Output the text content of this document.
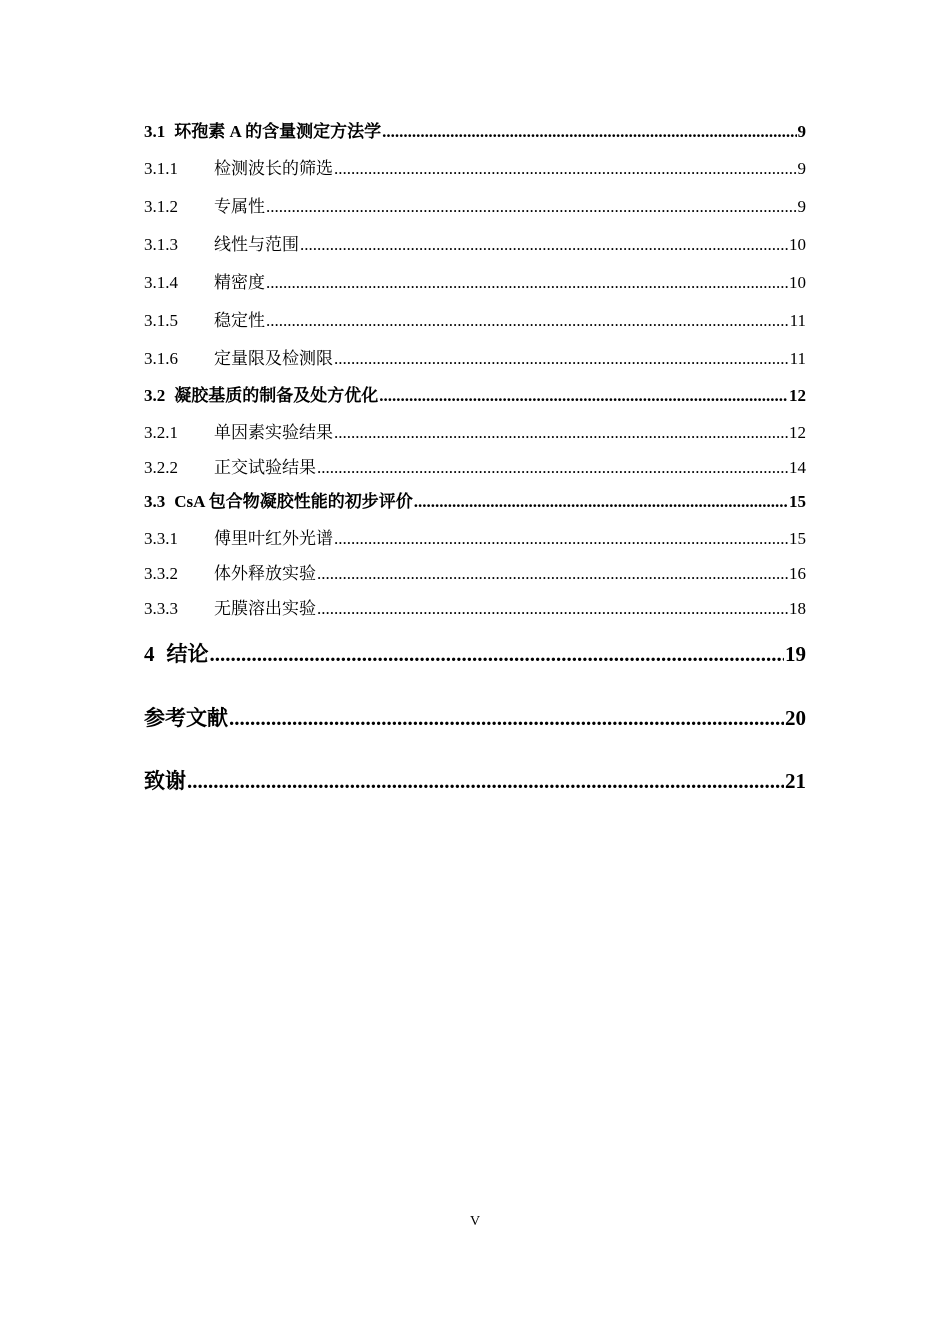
3.1 环孢素 A 的含量测定方法学 .....	9
3.1.1	检测波长的筛选 .....	9
3.1.2	专属性 .....	9
3.1.3	线性与范围 .....	10
3.1.4	精密度 .....	10
3.1.5	稳定性 .....	11
3.1.6	定量限及检测限 .....	11
3.2 凝胶基质的制备及处方优化 .....	12
3.2.1	单因素实验结果 .....	12
3.2.2	正交试验结果 .....	14
3.3 CsA 包合物凝胶性能的初步评价 .....	15
3.3.1	傅里叶红外光谱 .....	15
3.3.2	体外释放实验 .....	16
3.3.3	无膜溶出实验 .....	18
4 结论 .....	19
参考文献 .....	20
致谢 .....	21
V
